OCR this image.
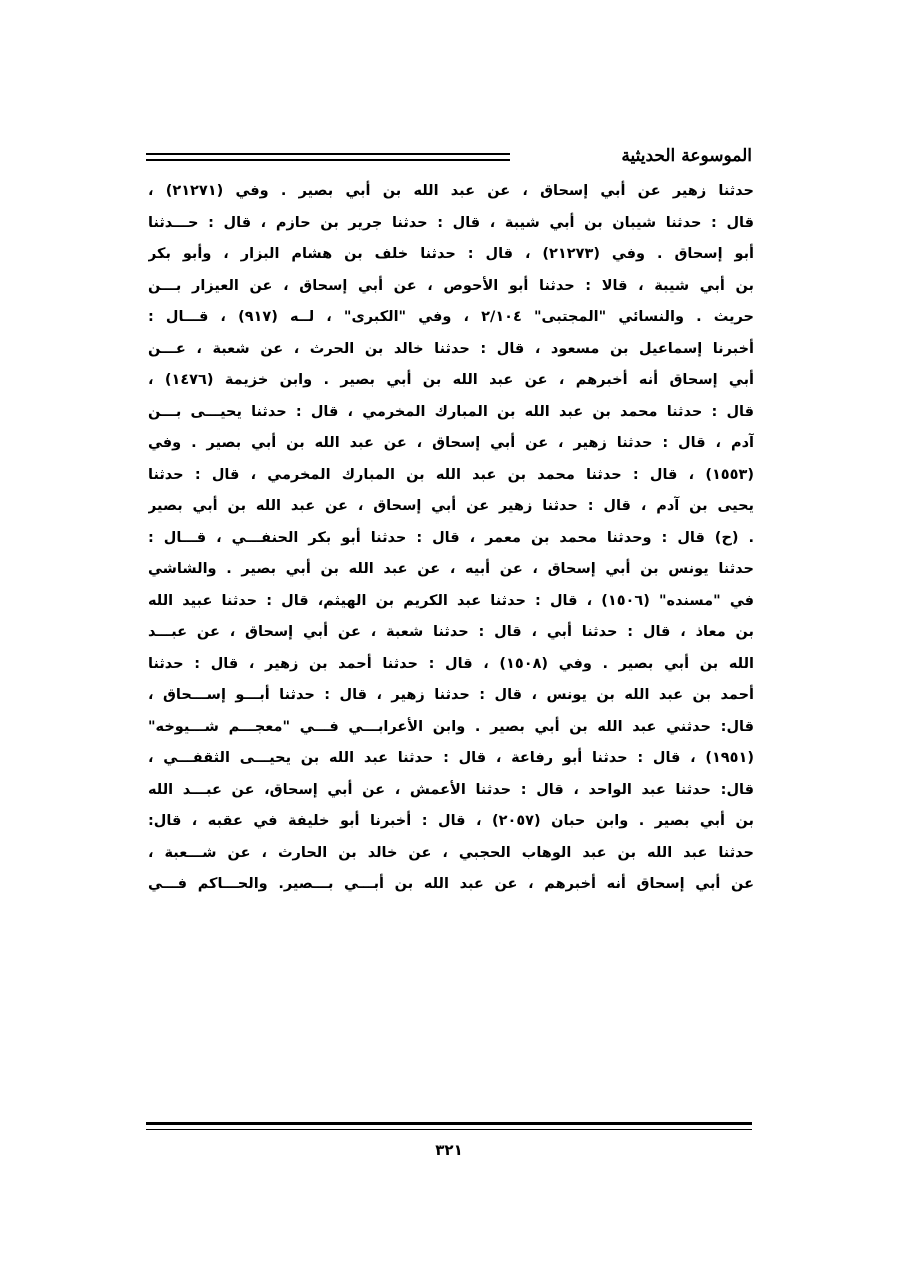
الموسوعة الحديثية
حدثنا زهير عن أبي إسحاق ، عن عبد الله بن أبي بصير . وفي (٢١٢٧١) ،
قال : حدثنا شيبان بن أبي شيبة ، قال : حدثنا جرير بن حازم ، قال : حـــدثنا
أبو إسحاق . وفي (٢١٢٧٣) ، قال : حدثنا خلف بن هشام البزار ، وأبو بكر
بن أبي شيبة ، قالا : حدثنا أبو الأحوص ، عن أبي إسحاق ، عن العيزار بـــن
حريث . والنسائي "المجتبى" ٢/١٠٤ ، وفي "الكبرى" ، لــه (٩١٧) ، قـــال :
أخبرنا إسماعيل بن مسعود ، قال : حدثنا خالد بن الحرث ، عن شعبة ، عـــن
أبي إسحاق أنه أخبرهم ، عن عبد الله بن أبي بصير . وابن خزيمة (١٤٧٦) ،
قال : حدثنا محمد بن عبد الله بن المبارك المخرمي ، قال : حدثنا يحيـــى بـــن
آدم ، قال : حدثنا زهير ، عن أبي إسحاق ، عن عبد الله بن أبي بصير . وفي
(١٥٥٣) ، قال : حدثنا محمد بن عبد الله بن المبارك المخرمي ، قال : حدثنا
يحيى بن آدم ، قال : حدثنا زهير عن أبي إسحاق ، عن عبد الله بن أبي بصير
. (ح) قال : وحدثنا محمد بن معمر ، قال : حدثنا أبو بكر الحنفـــي ، قـــال :
حدثنا يونس بن أبي إسحاق ، عن أبيه ، عن عبد الله بن أبي بصير . والشاشي
في "مسنده" (١٥٠٦) ، قال : حدثنا عبد الكريم بن الهيثم، قال : حدثنا عبيد الله
بن معاذ ، قال : حدثنا أبي ، قال : حدثنا شعبة ، عن أبي إسحاق ، عن عبـــد
الله بن أبي بصير . وفي (١٥٠٨) ، قال : حدثنا أحمد بن زهير ، قال : حدثنا
أحمد بن عبد الله بن يونس ، قال : حدثنا زهير ، قال : حدثنا أبـــو إســـحاق ،
قال: حدثني عبد الله بن أبي بصير . وابن الأعرابـــي فـــي "معجـــم شـــيوخه"
(١٩٥١) ، قال : حدثنا أبو رفاعة ، قال : حدثنا عبد الله بن يحيـــى الثقفـــي ،
قال: حدثنا عبد الواحد ، قال : حدثنا الأعمش ، عن أبي إسحاق، عن عبـــد الله
بن أبي بصير . وابن حبان (٢٠٥٧) ، قال : أخبرنا أبو خليفة في عقبه ، قال:
حدثنا عبد الله بن عبد الوهاب الحجبي ، عن خالد بن الحارث ، عن شـــعبة ،
عن أبي إسحاق أنه أخبرهم ، عن عبد الله بن أبـــي بـــصير. والحـــاكم فـــي
٣٢١
